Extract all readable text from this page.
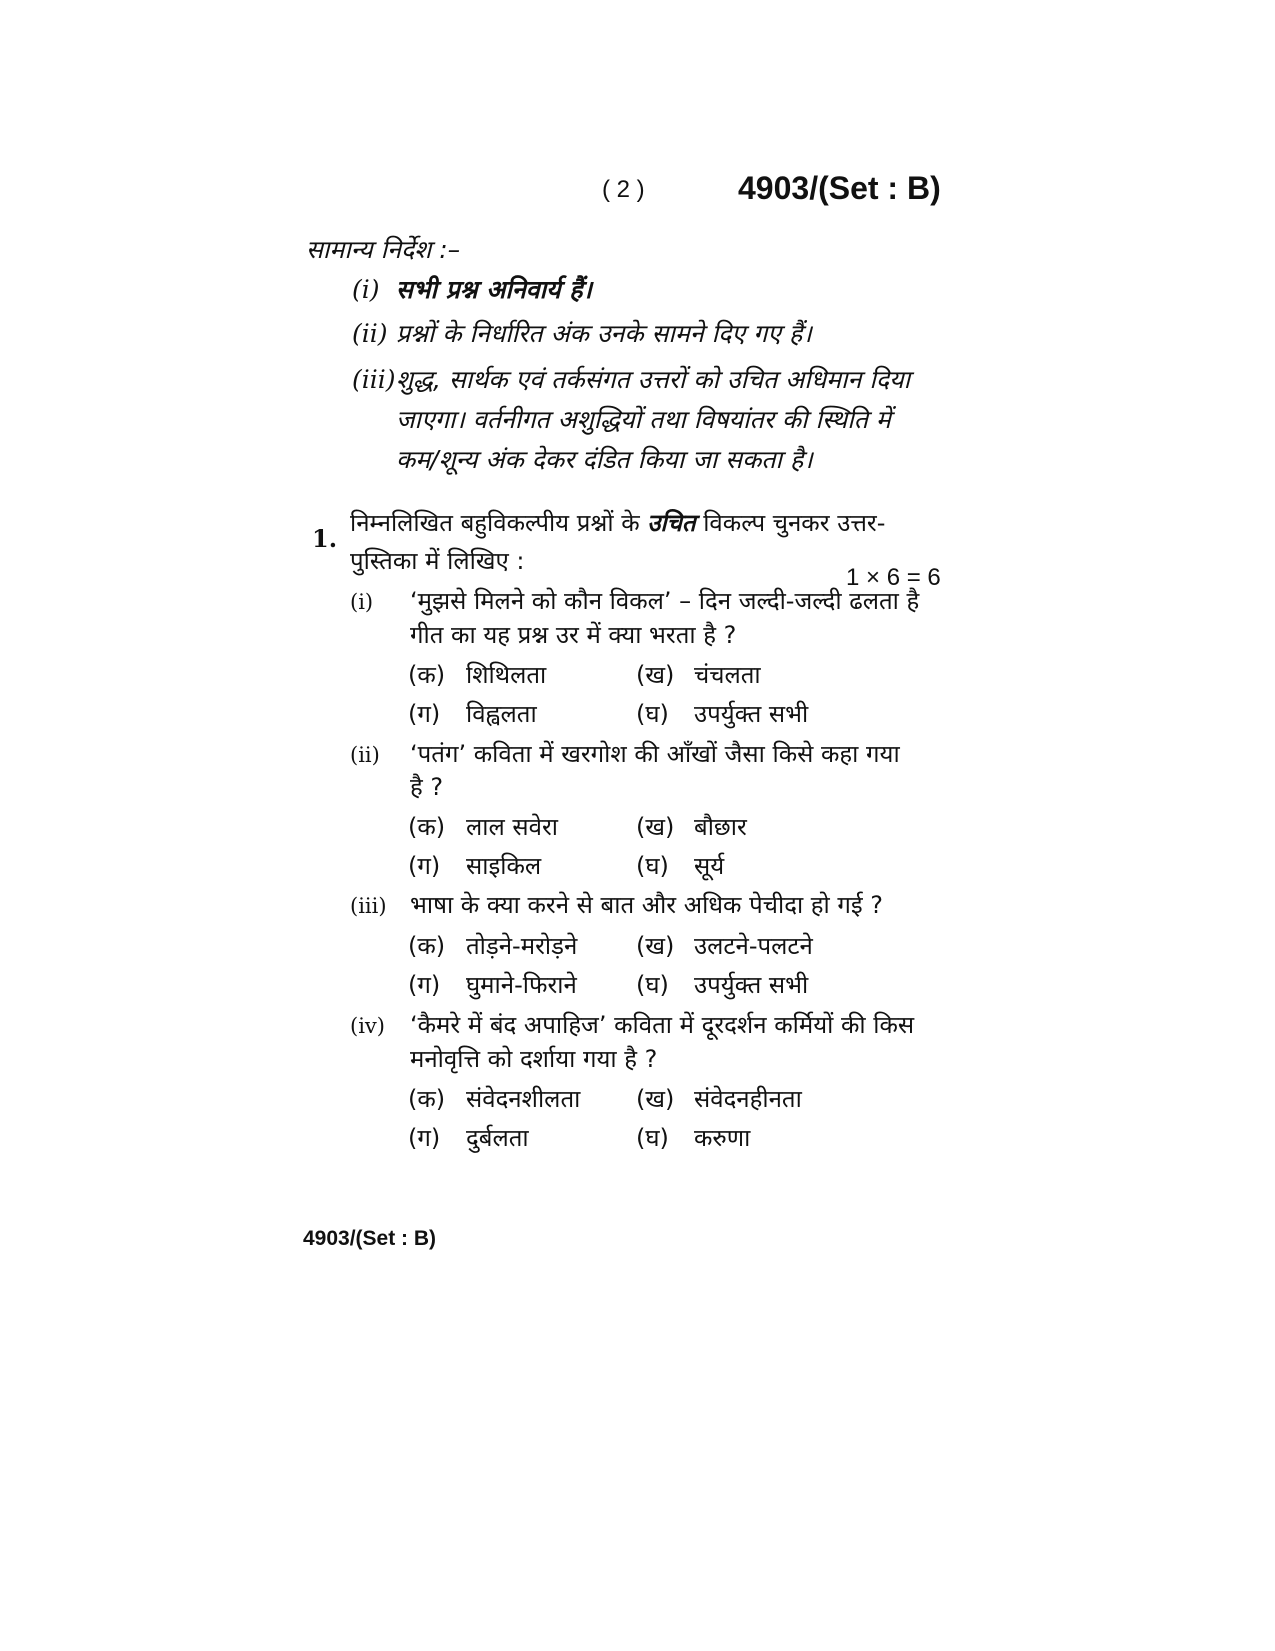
( 2 )	4903/(Set : B)
सामान्य निर्देश :–
(i) सभी प्रश्न अनिवार्य हैं।
(ii) प्रश्नों के निर्धारित अंक उनके सामने दिए गए हैं।
(iii)शुद्ध, सार्थक एवं तर्कसंगत उत्तरों को उचित अधिमान दिया
जाएगा। वर्तनीगत अशुद्धियों तथा विषयांतर की स्थिति में
कम/शून्य अंक देकर दंडित किया जा सकता है।
1.
निम्नलिखित बहुविकल्पीय प्रश्नों के उचित विकल्प चुनकर उत्तर-
पुस्तिका में लिखिए :
1 × 6 = 6
(i) ‘मुझसे मिलने को कौन विकल’ – दिन जल्दी-जल्दी ढलता है
गीत का यह प्रश्न उर में क्या भरता है ?
(क) शिथिलता	(ख) चंचलता
(ग) विह्वलता	(घ) उपर्युक्त सभी
(ii) ‘पतंग’ कविता में खरगोश की आँखों जैसा किसे कहा गया
है ?
(क) लाल सवेरा	(ख) बौछार
(ग) साइकिल	(घ) सूर्य
(iii) भाषा के क्या करने से बात और अधिक पेचीदा हो गई ?
(क) तोड़ने-मरोड़ने (ख) उलटने-पलटने
(ग) घुमाने-फिराने (घ) उपर्युक्त सभी
(iv) ‘कैमरे में बंद अपाहिज’ कविता में दूरदर्शन कर्मियों की किस
मनोवृत्ति को दर्शाया गया है ?
(क) संवेदनशीलता (ख) संवेदनहीनता
(ग) दुर्बलता	(घ) करुणा
4903/(Set : B)
